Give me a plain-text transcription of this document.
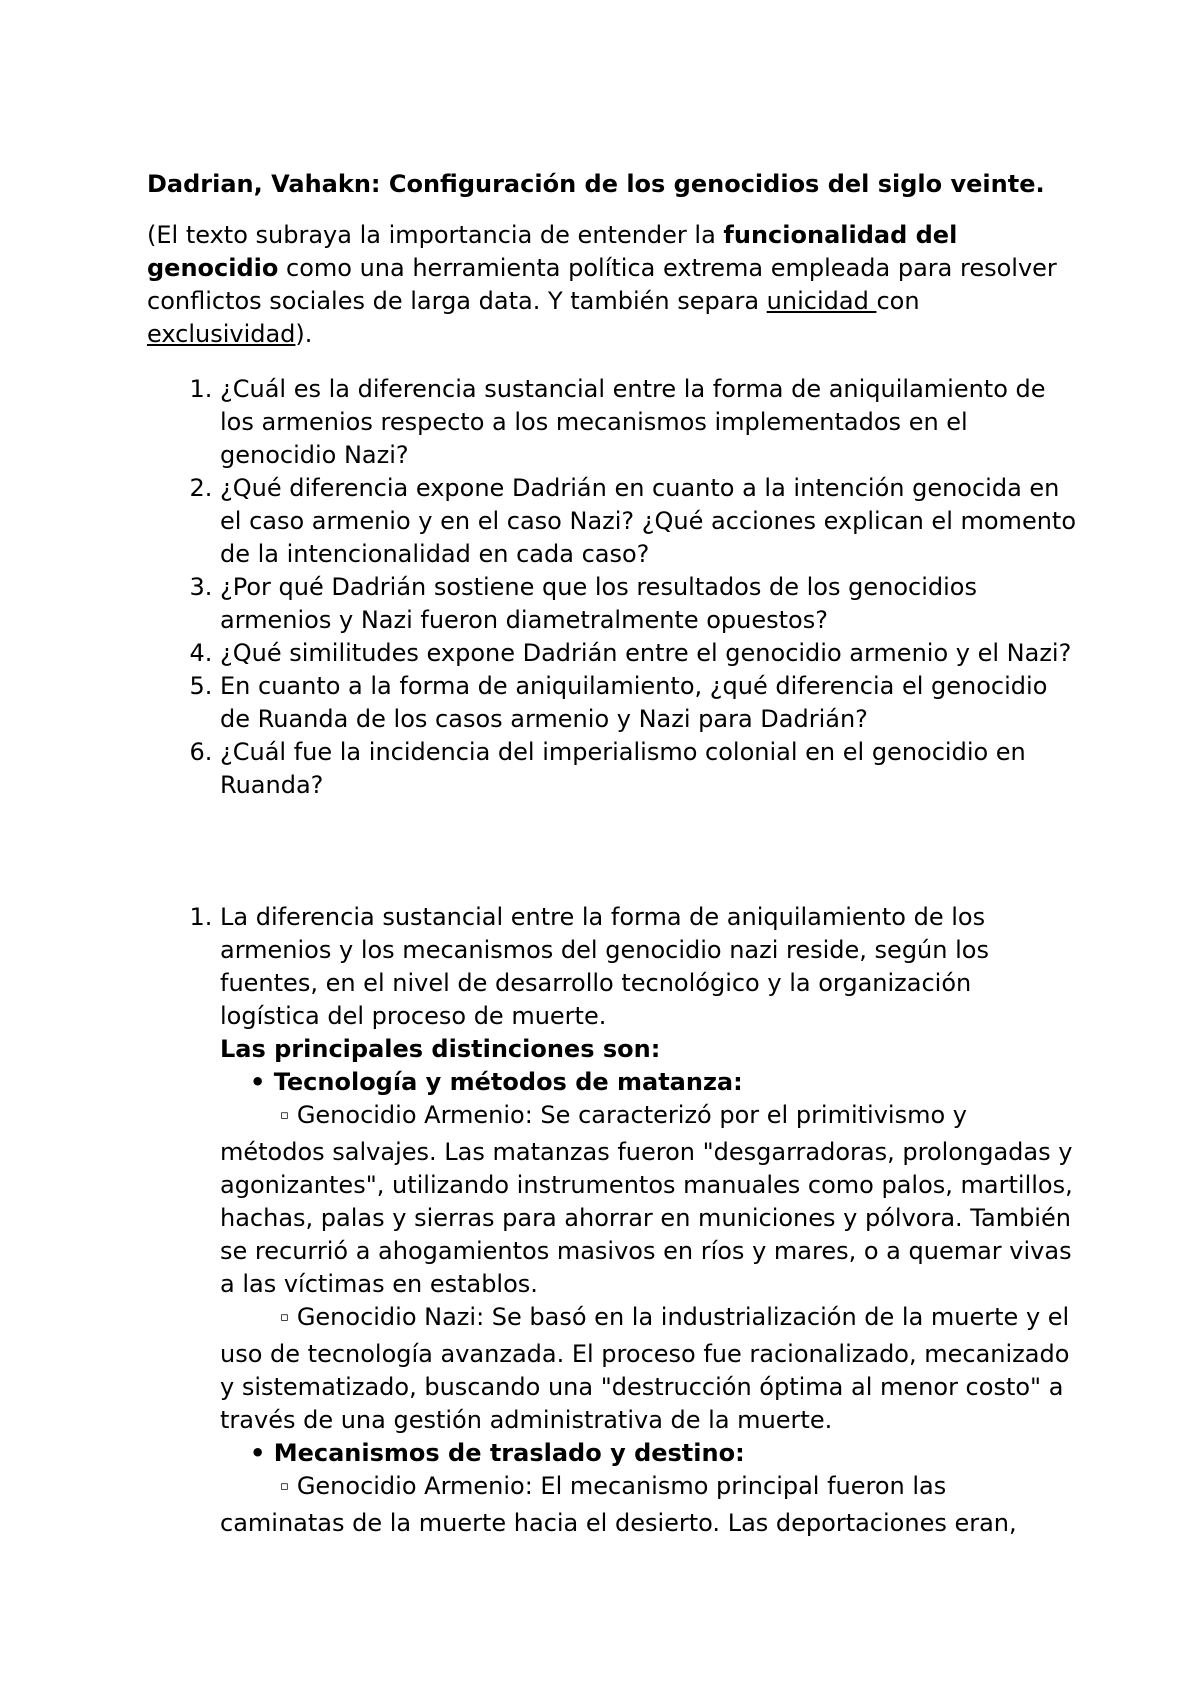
Dadrian, Vahakn: Configuración de los genocidios del siglo veinte.

(El texto subraya la importancia de entender la funcionalidad del genocidio como una herramienta política extrema empleada para resolver conflictos sociales de larga data. Y también separa unicidad con exclusividad).

1. ¿Cuál es la diferencia sustancial entre la forma de aniquilamiento de los armenios respecto a los mecanismos implementados en el genocidio Nazi?
2. ¿Qué diferencia expone Dadrián en cuanto a la intención genocida en el caso armenio y en el caso Nazi? ¿Qué acciones explican el momento de la intencionalidad en cada caso?
3. ¿Por qué Dadrián sostiene que los resultados de los genocidios armenios y Nazi fueron diametralmente opuestos?
4. ¿Qué similitudes expone Dadrián entre el genocidio armenio y el Nazi?
5. En cuanto a la forma de aniquilamiento, ¿qué diferencia el genocidio de Ruanda de los casos armenio y Nazi para Dadrián?
6. ¿Cuál fue la incidencia del imperialismo colonial en el genocidio en Ruanda?
1. La diferencia sustancial entre la forma de aniquilamiento de los armenios y los mecanismos del genocidio nazi reside, según los fuentes, en el nivel de desarrollo tecnológico y la organización logística del proceso de muerte.
Las principales distinciones son:
• Tecnología y métodos de matanza:
▫ Genocidio Armenio: Se caracterizó por el primitivismo y métodos salvajes. Las matanzas fueron "desgarradoras, prolongadas y agonizantes", utilizando instrumentos manuales como palos, martillos, hachas, palas y sierras para ahorrar en municiones y pólvora. También se recurrió a ahogamientos masivos en ríos y mares, o a quemar vivas a las víctimas en establos.
▫ Genocidio Nazi: Se basó en la industrialización de la muerte y el uso de tecnología avanzada. El proceso fue racionalizado, mecanizado y sistematizado, buscando una "destrucción óptima al menor costo" a través de una gestión administrativa de la muerte.
• Mecanismos de traslado y destino:
▫ Genocidio Armenio: El mecanismo principal fueron las caminatas de la muerte hacia el desierto. Las deportaciones eran,
